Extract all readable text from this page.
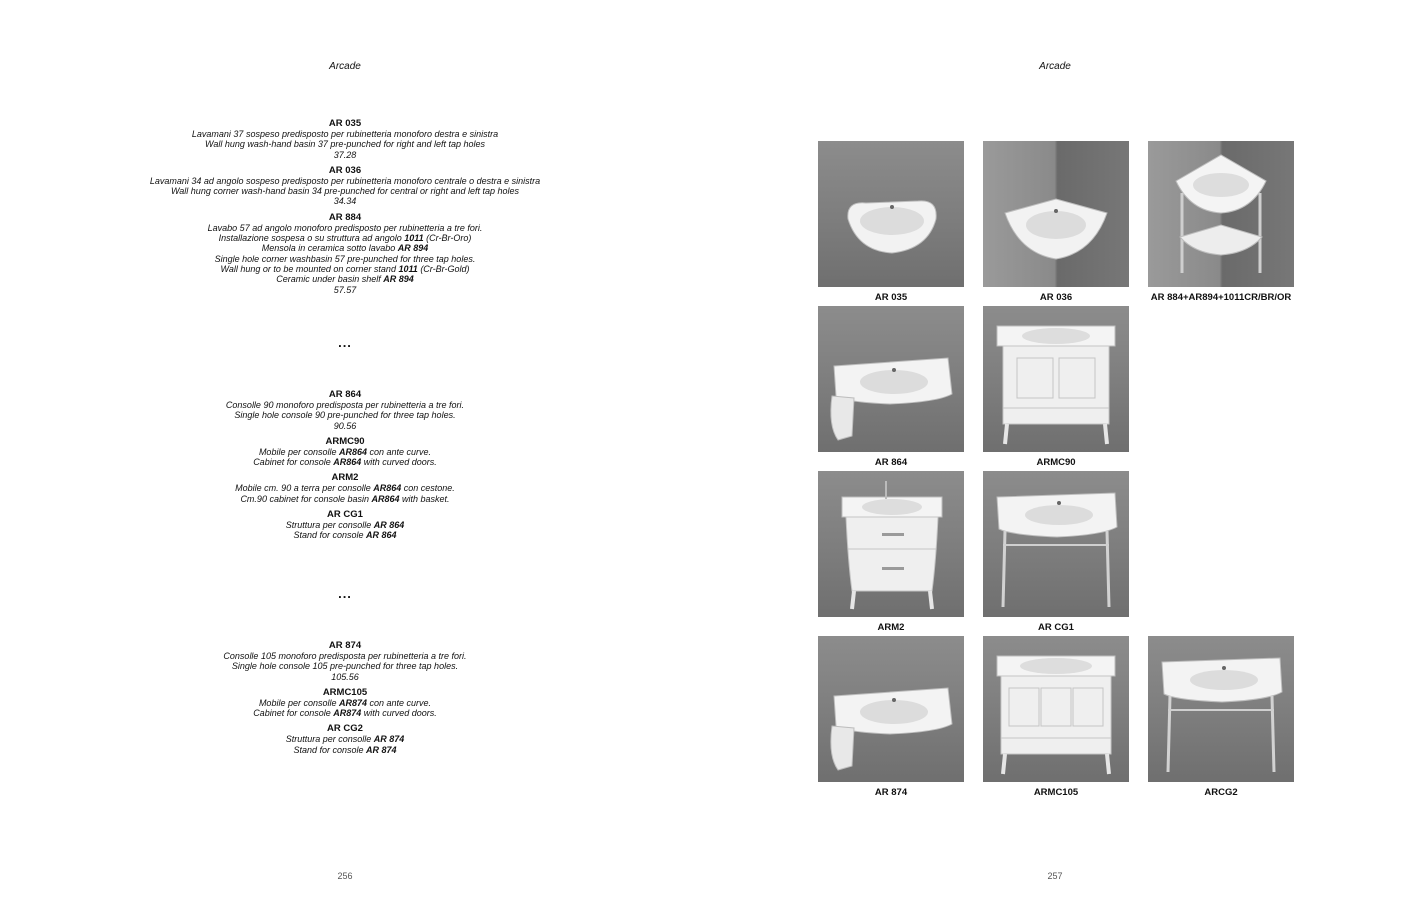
Arcade
AR 035
Lavamani 37 sospeso predisposto per rubinetteria monoforo destra e sinistra
Wall hung wash-hand basin 37 pre-punched for right and left tap holes
37.28
AR 036
Lavamani 34 ad angolo sospeso predisposto per rubinetteria monoforo centrale o destra e sinistra
Wall hung corner wash-hand basin 34 pre-punched for central or right and left tap holes
34.34
AR 884
Lavabo 57 ad angolo monoforo predisposto per rubinetteria a tre fori.
Installazione sospesa o su struttura ad angolo 1011 (Cr-Br-Oro)
Mensola in ceramica sotto lavabo AR 894
Single hole corner washbasin 57 pre-punched for three tap holes.
Wall hung or to be mounted on corner stand 1011 (Cr-Br-Gold)
Ceramic under basin shelf AR 894
57.57
...
AR 864
Consolle 90 monoforo predisposta per rubinetteria a tre fori.
Single hole console 90 pre-punched for three tap holes.
90.56
ARMC90
Mobile per consolle AR864 con ante curve.
Cabinet for console AR864 with curved doors.
ARM2
Mobile cm. 90 a terra per consolle AR864 con cestone.
Cm.90 cabinet for console basin AR864 with basket.
AR CG1
Struttura per consolle AR 864
Stand for console AR 864
...
AR 874
Consolle 105 monoforo predisposta per rubinetteria a tre fori.
Single hole console 105 pre-punched for three tap holes.
105.56
ARMC105
Mobile per consolle AR874 con ante curve.
Cabinet for console AR874 with curved doors.
AR CG2
Struttura per consolle AR 874
Stand for console AR 874
256
Arcade
AR 035	AR 036	AR 884+AR894+1011CR/BR/OR
AR 864	ARMC90
ARM2	AR CG1
AR 874	ARMC105	ARCG2
257
